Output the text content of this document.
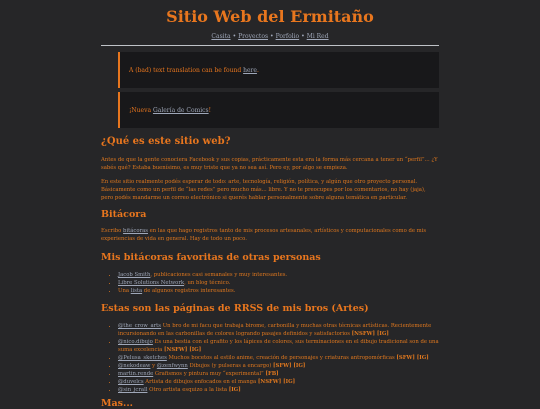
Sitio Web del Ermitaño
Casita • Proyectos • Porfolio • Mi Red
A (bad) text translation can be found here.
¡Nueva Galería de Comics!
¿Qué es este sitio web?

Antes de que la gente conociera Facebook y sus copias, prácticamente esta era la forma más cercana a tener un “perfil”... ¿Y sabés qué? Estaba buenísimo, es muy triste que ya no sea así. Pero ey, por algo se empieza.

En este sitio realmente podés esperar de todo: arte, tecnología, religión, política, y algún que otro proyecto personal. Básicamente como un perfil de “las redes” pero mucho más... libre. Y no te preocupes por los comentarios, no hay (jaja), pero podés mandarme un correo electrónico si querés hablar personalmente sobre alguna temática en particular.

Bitácora

Escribo bitácoras en las que hago registros tanto de mis procesos artesanales, artísticos y computacionales como de mis experiencias de vida en general. Hay de todo un poco.

Mis bitácoras favoritas de otras personas
• Jacob Smith, publicaciones casi semanales y muy interesantes.
• Libre Solutions Network, un blog técnico.
• Una lista de algunos registros interesantes.
Estas son las páginas de RRSS de mis bros (Artes)
• @the_crow_arts Un bro de mi facu que trabaja birome, carbonilla y muchas otras técnicas artísticas. Recientemente incursionando en las carbonillas de colores logrando pasajes definidos y satisfactorios [NSFW] [IG]
• @nico.dibujo Es una bestia con el grafito y los lápices de colores, sus terminaciones en el dibujo tradicional son de una suma excelencia [NSFW] [IG]
• @Pelusa_sketches Muchos bocetos al estilo anime, creación de personajes y criaturas antropomórficas [SFW] [IG]
• @nekodeaw y @zenfwynn Dibujos (y pulseras a encargo) [SFW] [IG]
• martin.rende Grafismos y pintura muy “experimental” [FB]
• @duvelcs Artista de dibujos enfocados en el manga [NSFW] [IG]
• @sin_jcrall Otro artista esquizo a la lista [IG]
Mas...
